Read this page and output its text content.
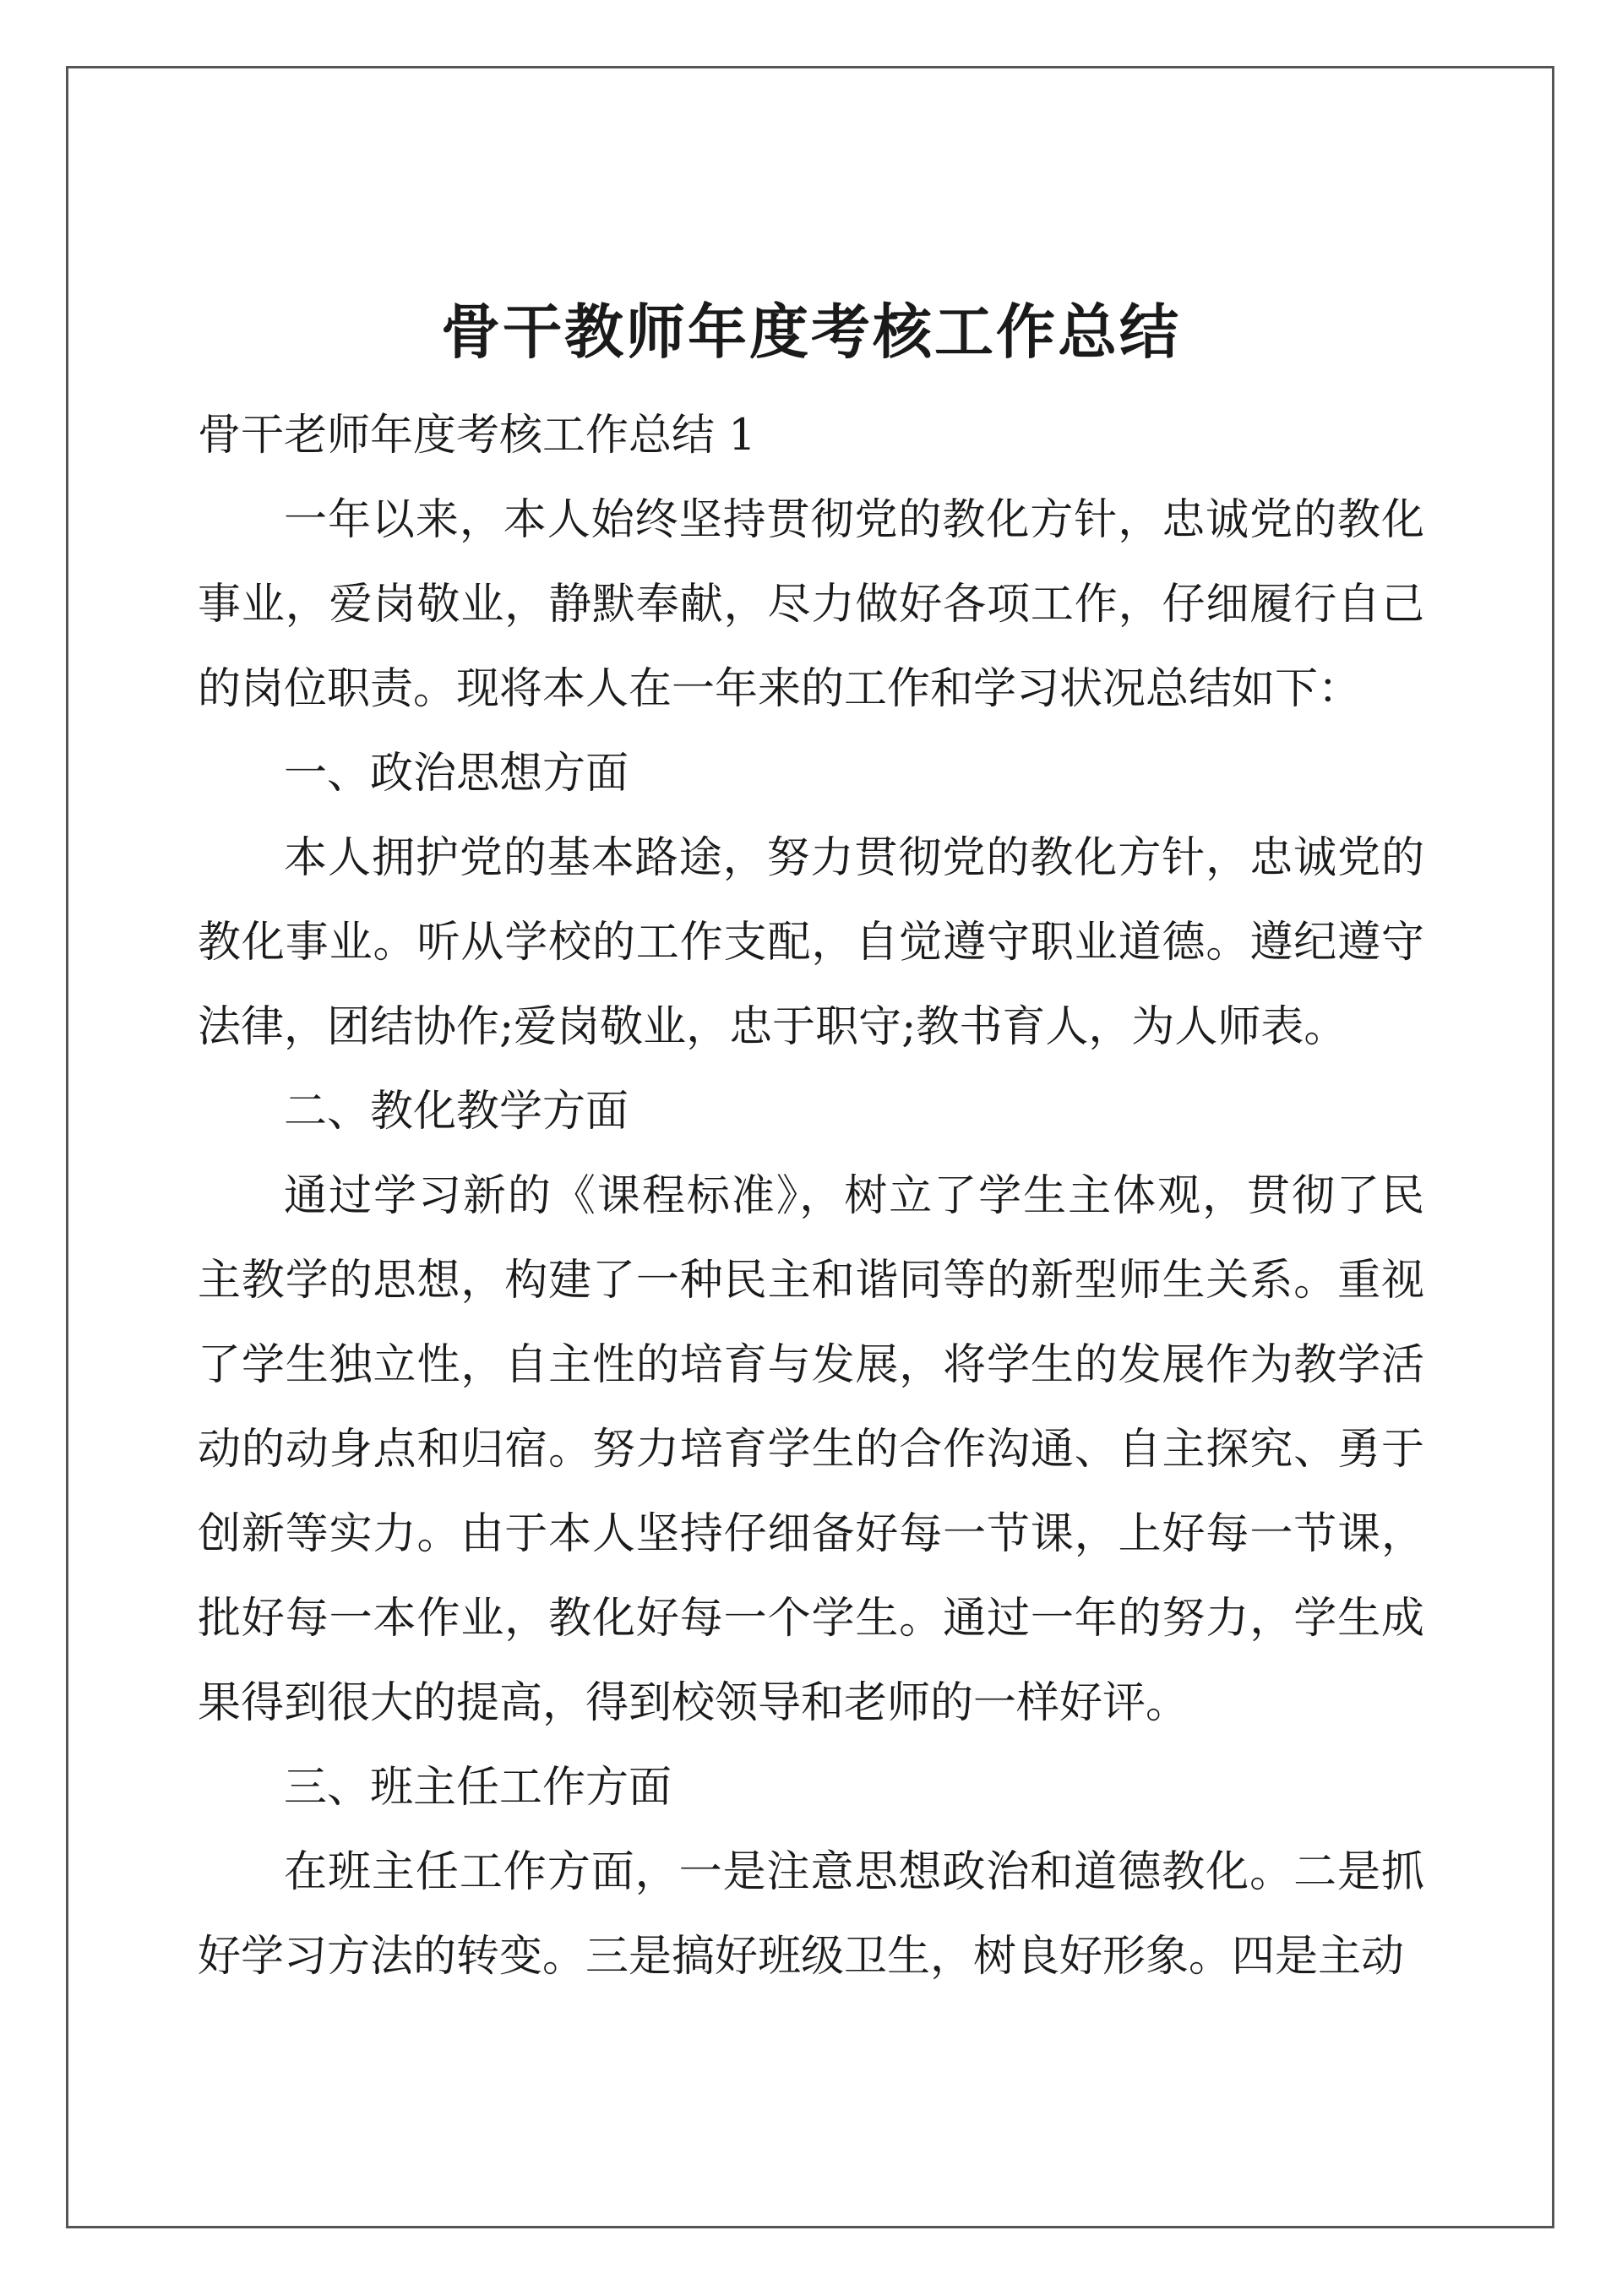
骨干教师年度考核工作总结

骨干老师年度考核工作总结 1

一年以来，本人始终坚持贯彻党的教化方针，忠诚党的教化事业，爱岗敬业，静默奉献，尽力做好各项工作，仔细履行自己的岗位职责。现将本人在一年来的工作和学习状况总结如下：

一、政治思想方面

本人拥护党的基本路途，努力贯彻党的教化方针，忠诚党的教化事业。听从学校的工作支配，自觉遵守职业道德。遵纪遵守法律，团结协作;爱岗敬业，忠于职守;教书育人，为人师表。

二、教化教学方面

通过学习新的《课程标准》，树立了学生主体观，贯彻了民主教学的思想，构建了一种民主和谐同等的新型师生关系。重视了学生独立性，自主性的培育与发展，将学生的发展作为教学活动的动身点和归宿。努力培育学生的合作沟通、自主探究、勇于创新等实力。由于本人坚持仔细备好每一节课，上好每一节课，批好每一本作业，教化好每一个学生。通过一年的努力，学生成果得到很大的提高，得到校领导和老师的一样好评。

三、班主任工作方面

在班主任工作方面，一是注意思想政治和道德教化。二是抓好学习方法的转变。三是搞好班级卫生，树良好形象。四是主动
